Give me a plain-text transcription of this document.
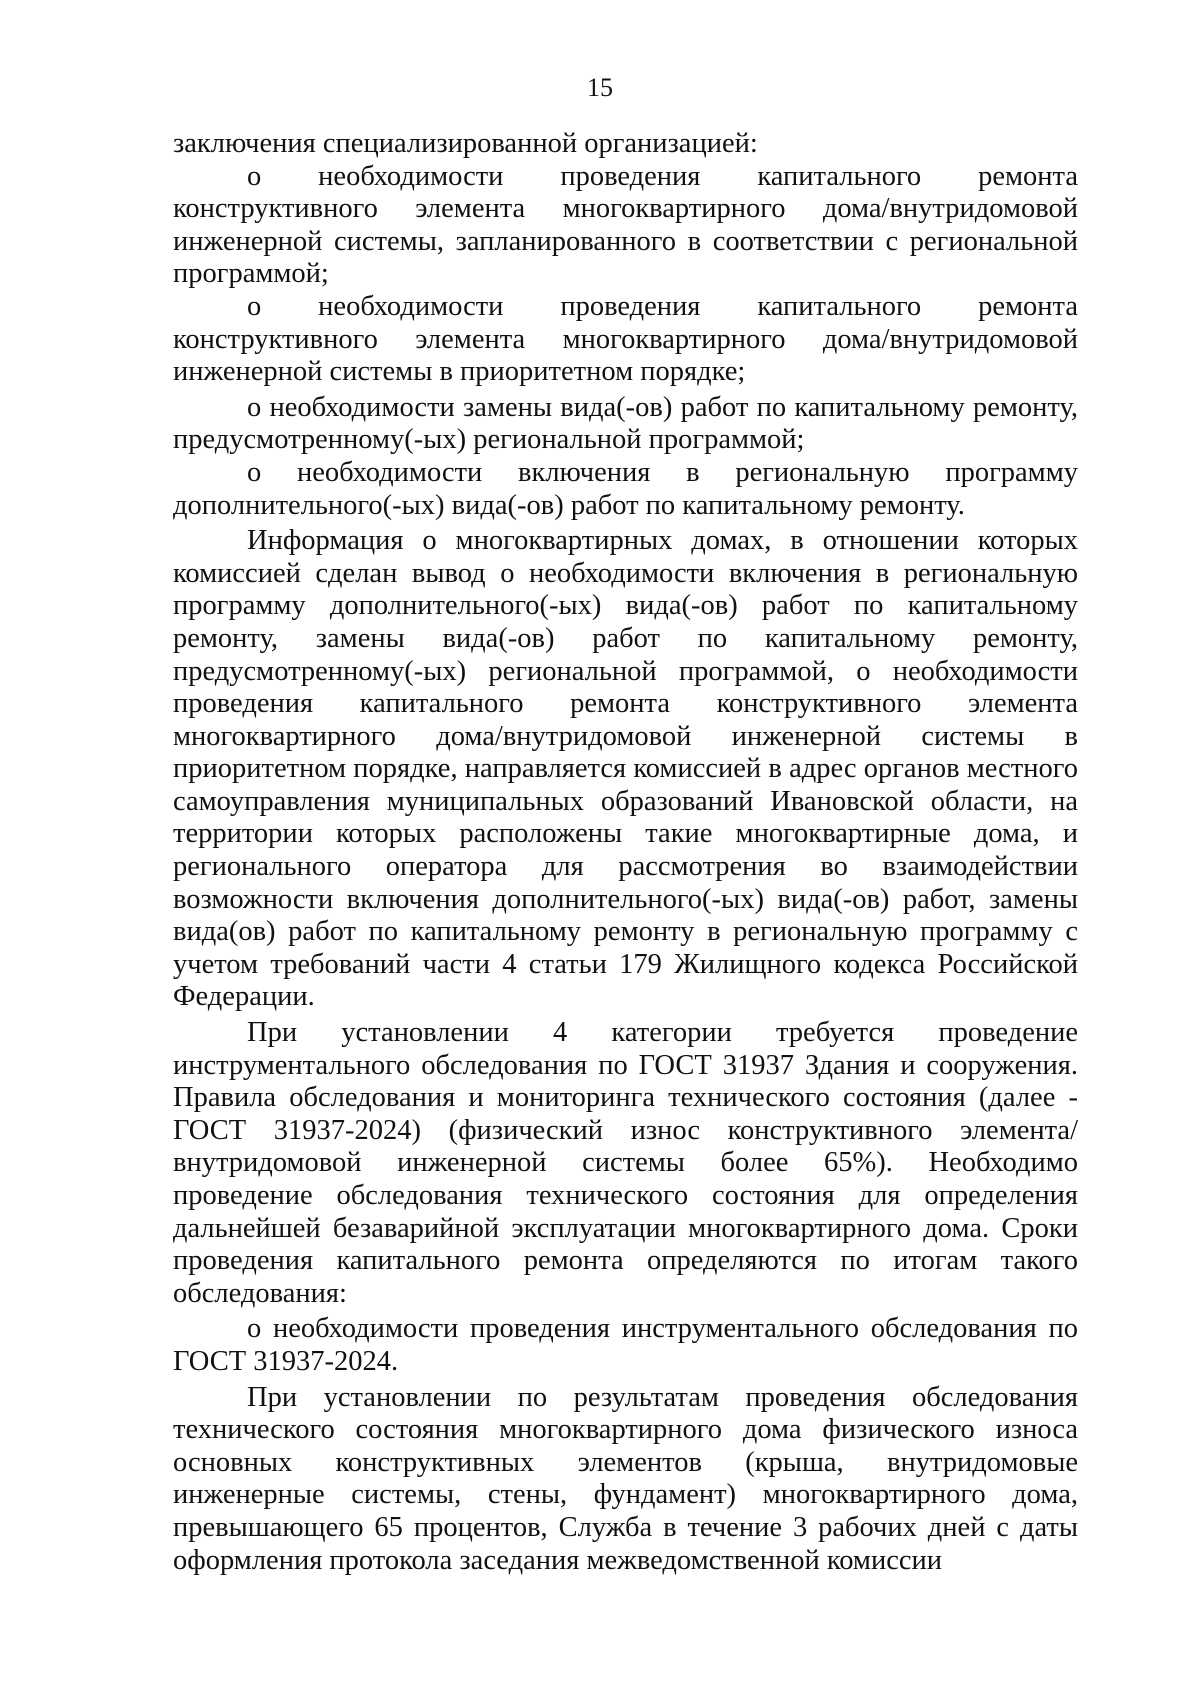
15

заключения специализированной организацией:

о необходимости проведения капитального ремонта конструктивного элемента многоквартирного дома/внутридомовой инженерной системы, запланированного в соответствии с региональной программой;

о необходимости проведения капитального ремонта конструктивного элемента многоквартирного дома/внутридомовой инженерной системы в приоритетном порядке;

о необходимости замены вида(-ов) работ по капитальному ремонту, предусмотренному(-ых) региональной программой;

о необходимости включения в региональную программу дополнительного(-ых) вида(-ов) работ по капитальному ремонту.

Информация о многоквартирных домах, в отношении которых комиссией сделан вывод о необходимости включения в региональную программу дополнительного(-ых) вида(-ов) работ по капитальному ремонту, замены вида(-ов) работ по капитальному ремонту, предусмотренному(-ых) региональной программой, о необходимости проведения капитального ремонта конструктивного элемента многоквартирного дома/внутридомовой инженерной системы в приоритетном порядке, направляется комиссией в адрес органов местного самоуправления муниципальных образований Ивановской области, на территории которых расположены такие многоквартирные дома, и регионального оператора для рассмотрения во взаимодействии возможности включения дополнительного(-ых) вида(-ов) работ, замены вида(ов) работ по капитальному ремонту в региональную программу с учетом требований части 4 статьи 179 Жилищного кодекса Российской Федерации.

При установлении 4 категории требуется проведение инструментального обследования по ГОСТ 31937 Здания и сооружения. Правила обследования и мониторинга технического состояния (далее - ГОСТ 31937-2024) (физический износ конструктивного элемента/внутридомовой инженерной системы более 65%). Необходимо проведение обследования технического состояния для определения дальнейшей безаварийной эксплуатации многоквартирного дома. Сроки проведения капитального ремонта определяются по итогам такого обследования:

о необходимости проведения инструментального обследования по ГОСТ 31937-2024.

При установлении по результатам проведения обследования технического состояния многоквартирного дома физического износа основных конструктивных элементов (крыша, внутридомовые инженерные системы, стены, фундамент) многоквартирного дома, превышающего 65 процентов, Служба в течение 3 рабочих дней с даты оформления протокола заседания межведомственной комиссии
